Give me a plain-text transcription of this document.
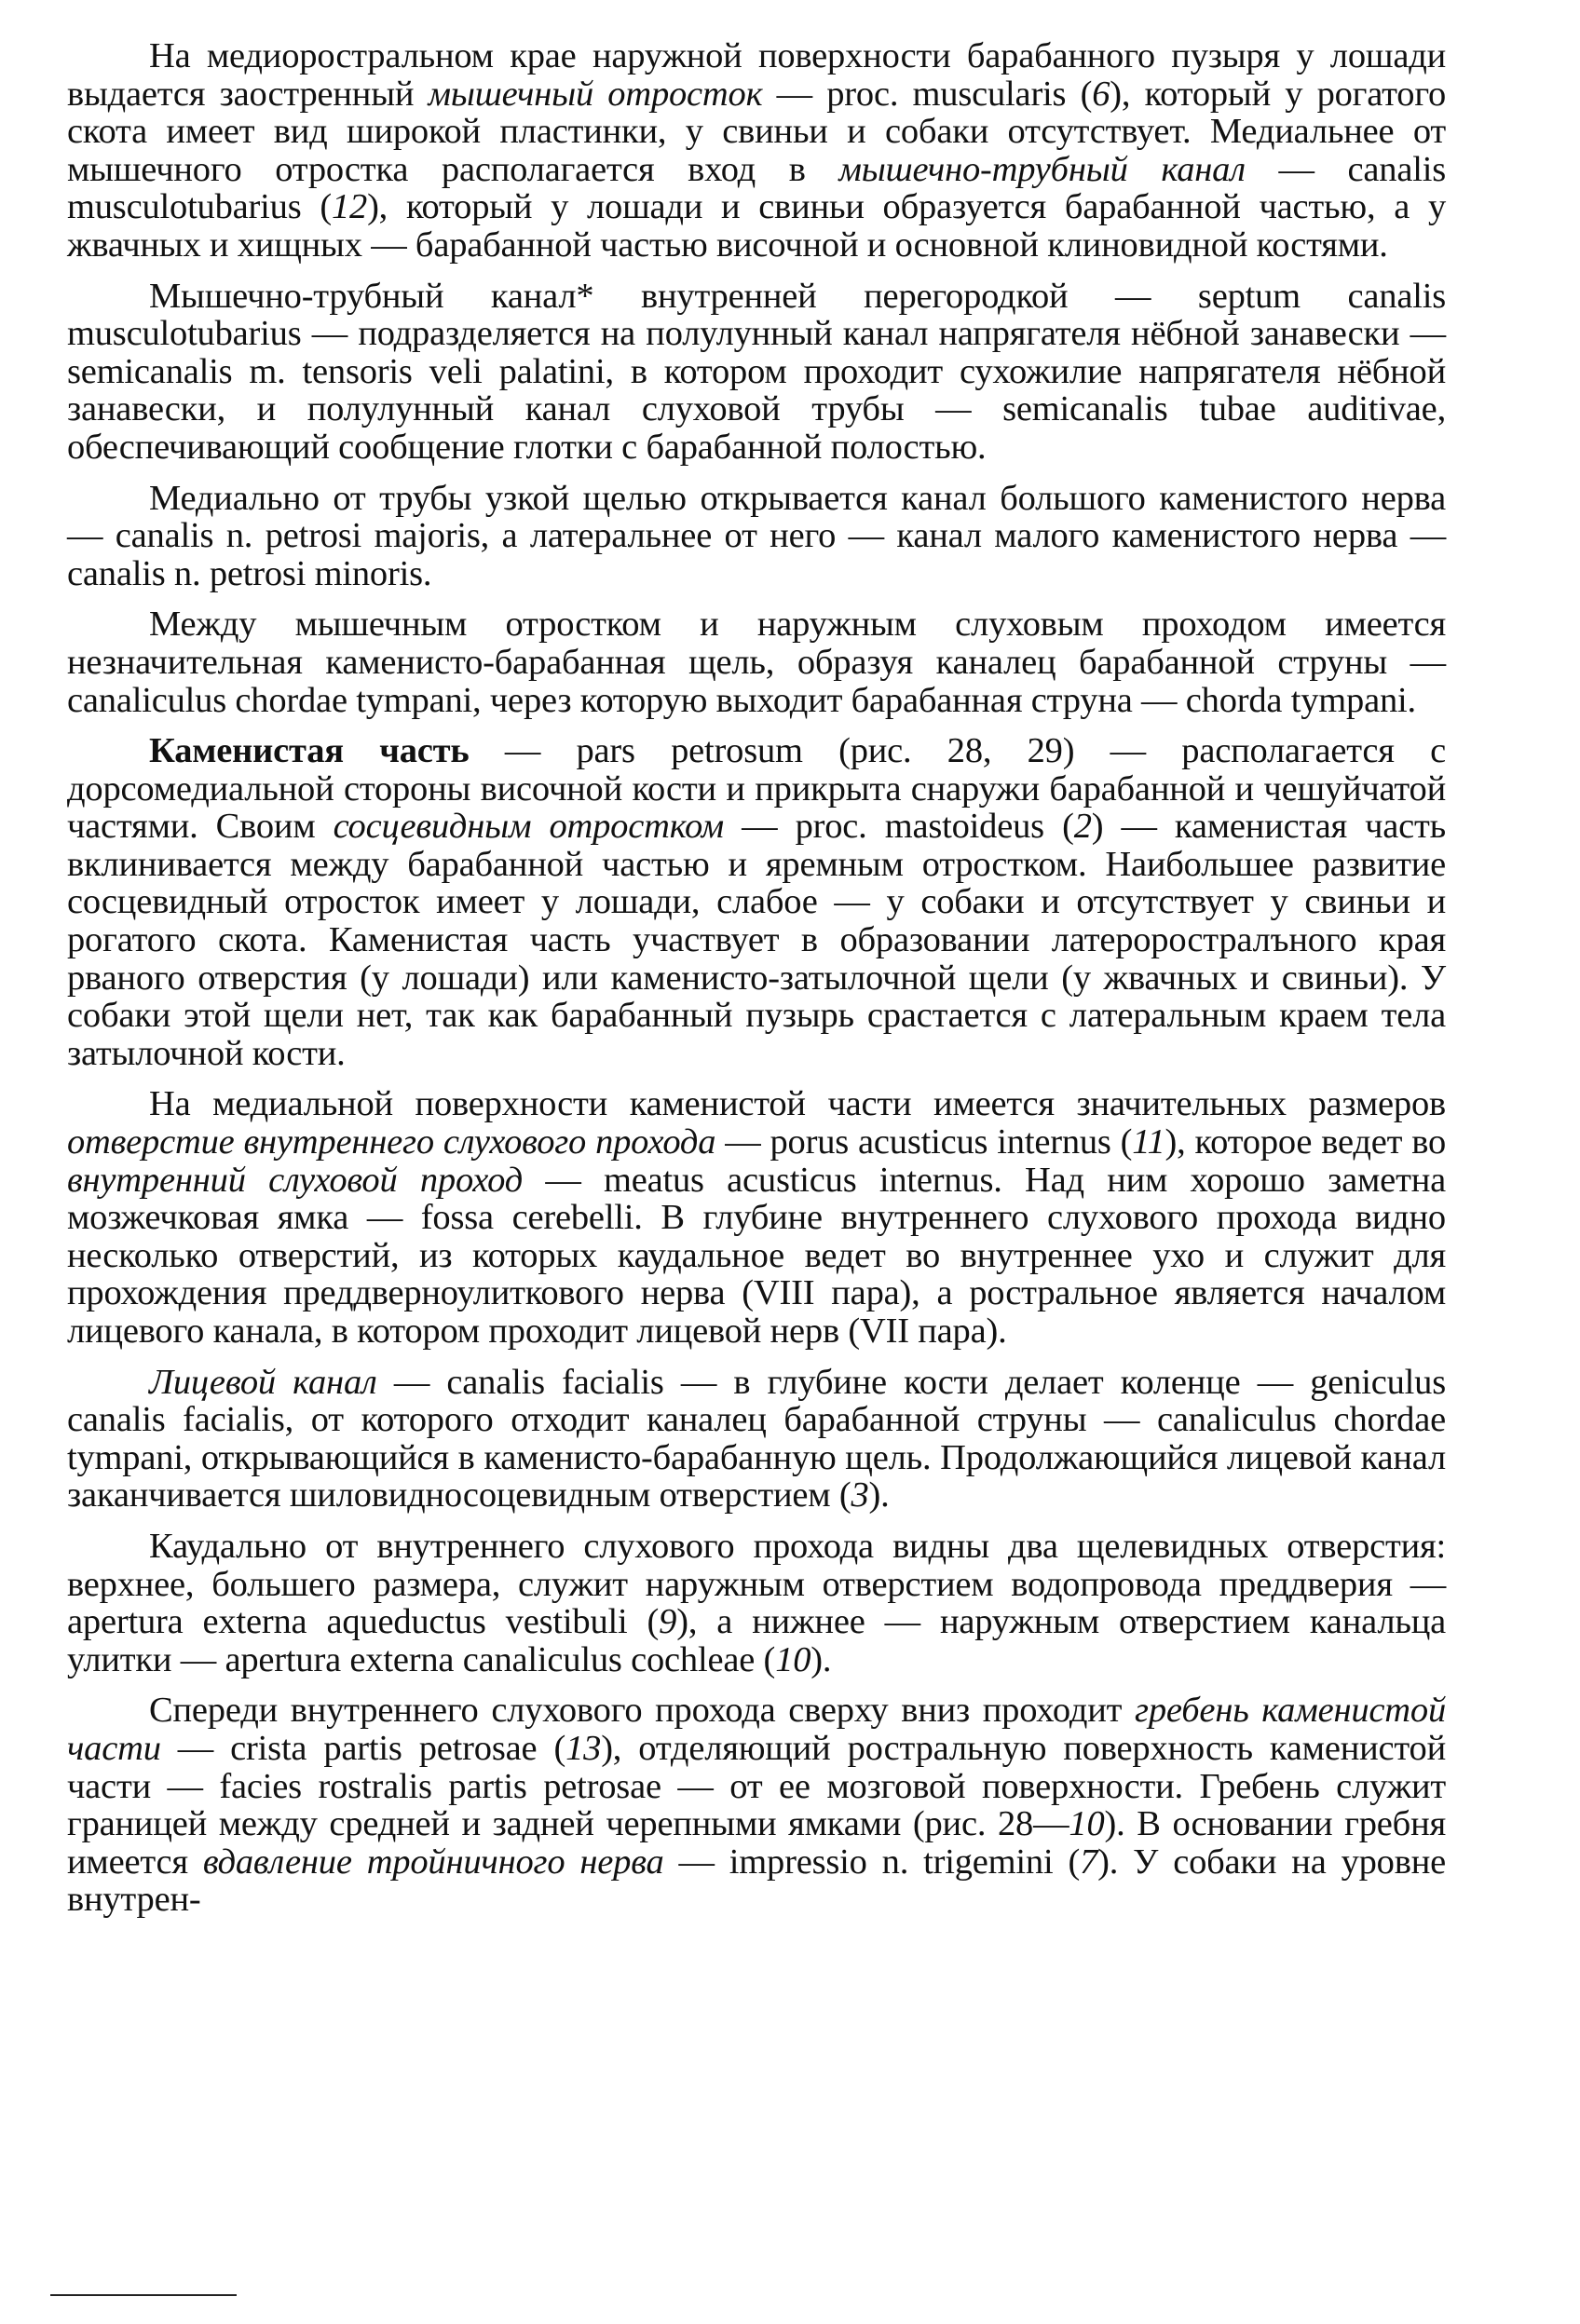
На медиоростральном крае наружной поверхности барабанного пузыря у лошади выдается заостренный мышечный отросток — proc. muscularis (6), который у рогатого скота имеет вид широкой пластинки, у свиньи и собаки отсутствует. Медиальнее от мышечного отростка располагается вход в мышечно-трубный канал — canalis musculotubarius (12), который у лошади и свиньи образуется барабанной частью, а у жвачных и хищных — барабанной частью височной и основной клиновидной костями.

Мышечно-трубный канал* внутренней перегородкой — septum canalis musculotubarius — подразделяется на полулунный канал напрягателя нёбной занавески — semicanalis m. tensoris veli palatini, в котором проходит сухожилие напрягателя нёбной занавески, и полулунный канал слуховой трубы — semicanalis tubae auditivae, обеспечивающий сообщение глотки с барабанной полостью.

Медиально от трубы узкой щелью открывается канал большого каменистого нерва — canalis n. petrosi majoris, а латеральнее от него — канал малого каменистого нерва — canalis n. petrosi minoris.

Между мышечным отростком и наружным слуховым проходом имеется незначительная каменисто-барабанная щель, образуя каналец барабанной струны — canaliculus chordae tympani, через которую выходит барабанная струна — chorda tympani.

Каменистая часть — pars petrosum (рис. 28, 29) — располагается с дорсомедиальной стороны височной кости и прикрыта снаружи барабанной и чешуйчатой частями. Своим сосцевидным отростком — proc. mastoideus (2) — каменистая часть вклинивается между барабанной частью и яремным отростком. Наибольшее развитие сосцевидный отросток имеет у лошади, слабое — у собаки и отсутствует у свиньи и рогатого скота. Каменистая часть участвует в образовании латероростралъного края рваного отверстия (у лошади) или каменисто-затылочной щели (у жвачных и свиньи). У собаки этой щели нет, так как барабанный пузырь срастается с латеральным краем тела затылочной кости.

На медиальной поверхности каменистой части имеется значительных размеров отверстие внутреннего слухового прохода — porus acusticus internus (11), которое ведет во внутренний слуховой проход — meatus acusticus internus. Над ним хорошо заметна мозжечковая ямка — fossa cerebelli. В глубине внутреннего слухового прохода видно несколько отверстий, из которых каудальное ведет во внутреннее ухо и служит для прохождения преддверноулиткового нерва (VIII пара), а ростральное является началом лицевого канала, в котором проходит лицевой нерв (VII пара).

Лицевой канал — canalis facialis — в глубине кости делает коленце — geniculus canalis facialis, от которого отходит каналец барабанной струны — canaliculus chordae tympani, открывающийся в каменисто-барабанную щель. Продолжающийся лицевой канал заканчивается шиловидносоцевидным отверстием (3).

Каудально от внутреннего слухового прохода видны два щелевидных отверстия: верхнее, большего размера, служит наружным отверстием водопровода преддверия — apertura externa aqueductus vestibuli (9), а нижнее — наружным отверстием канальца улитки — apertura externa canaliculus cochleae (10).

Спереди внутреннего слухового прохода сверху вниз проходит гребень каменистой части — crista partis petrosae (13), отделяющий ростральную поверхность каменистой части — facies rostralis partis petrosae — от ее мозговой поверхности. Гребень служит границей между средней и задней черепными ямками (рис. 28—10). В основании гребня имеется вдавление тройничного нерва — impressio n. trigemini (7). У собаки на уровне внутрен-
